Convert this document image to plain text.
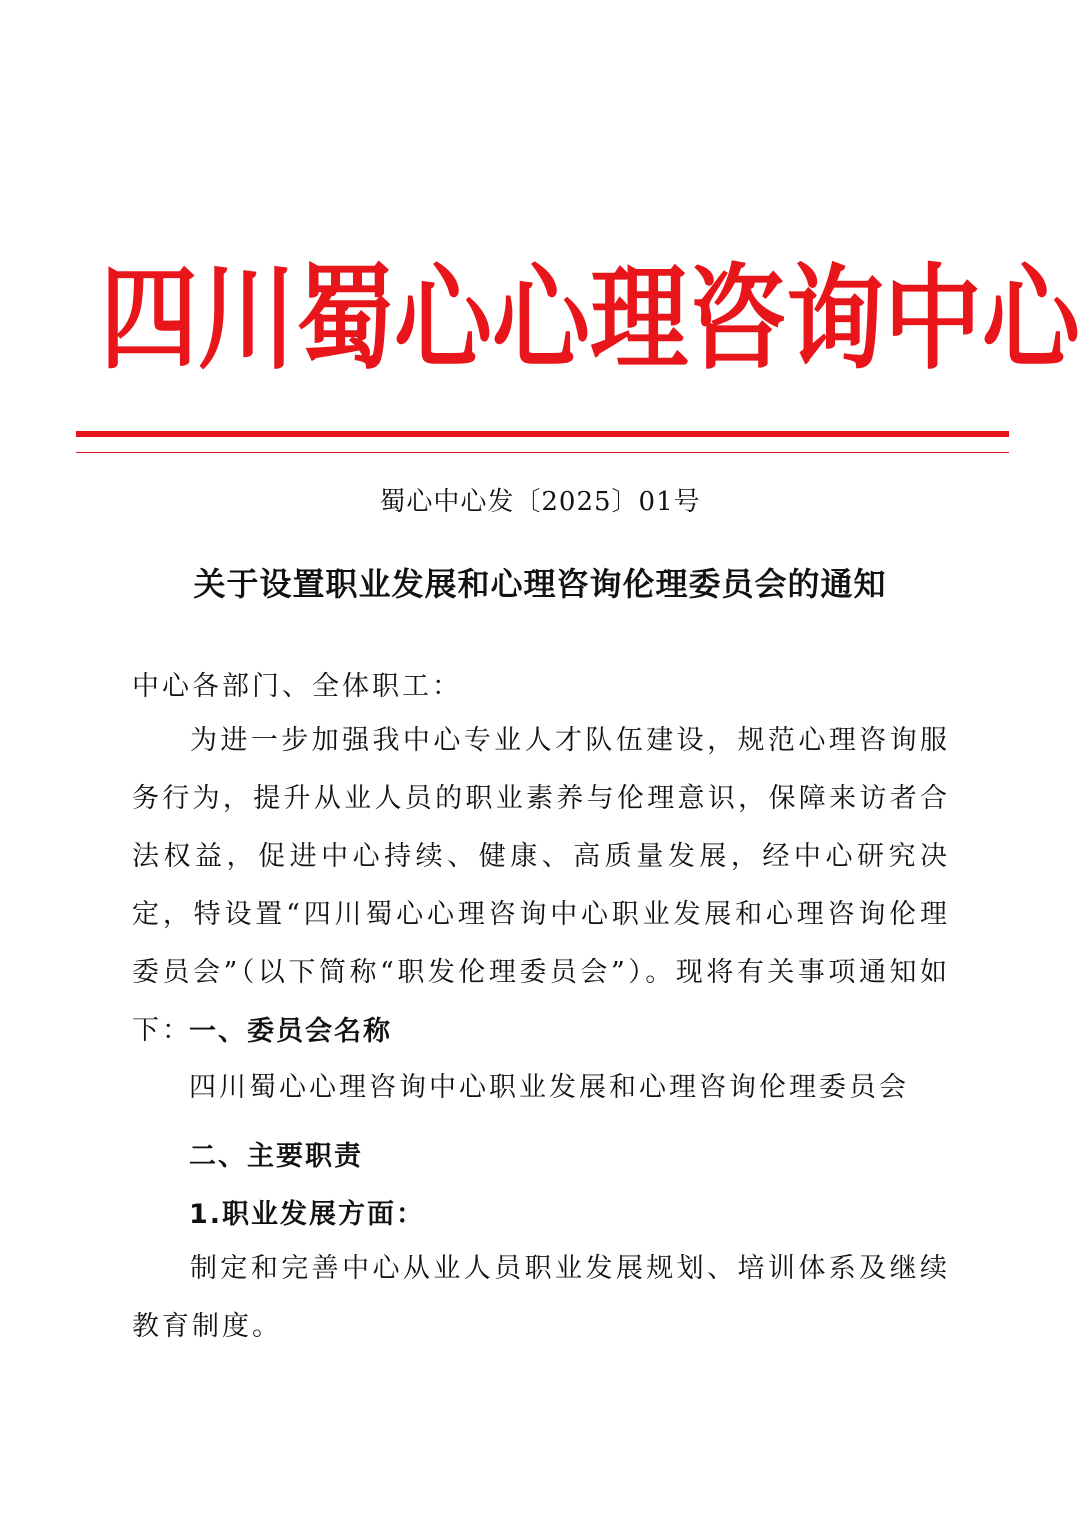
四 川 蜀 心 心 理 咨 询 中 心
蜀心中心发〔2025〕01号
关于设置职业发展和心理咨询伦理委员会的通知
中心各部门、全体职工：
为进一步加强我中心专业人才队伍建设，规范心理咨询服务行为，提升从业人员的职业素养与伦理意识，保障来访者合法权益，促进中心持续、健康、高质量发展，经中心研究决定，特设置“四川蜀心心理咨询中心职业发展和心理咨询伦理委员会”（以下简称“职发伦理委员会”）。现将有关事项通知如下：
一、委员会名称
四川蜀心心理咨询中心职业发展和心理咨询伦理委员会
二、主要职责
1.职业发展方面：
制定和完善中心从业人员职业发展规划、培训体系及继续教育制度。
